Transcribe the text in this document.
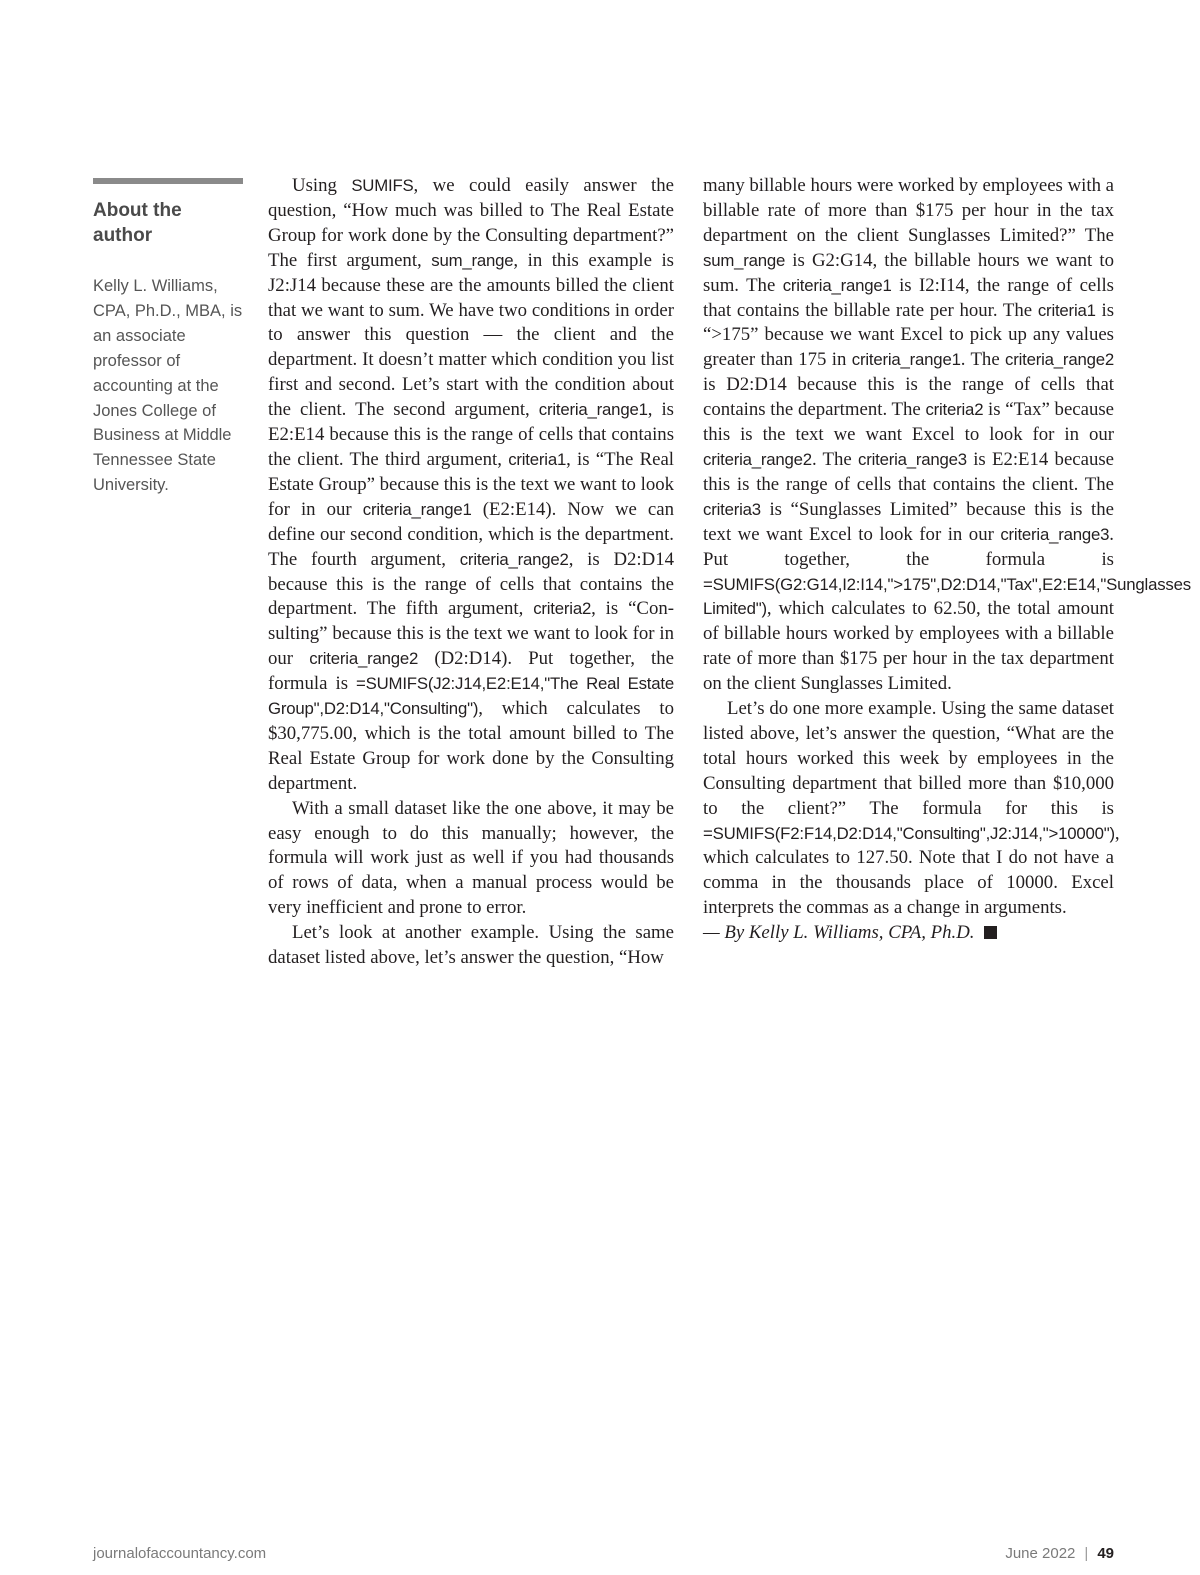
About the author

Kelly L. Williams, CPA, Ph.D., MBA, is an associate professor of accounting at the Jones College of Business at Middle Tennessee State University.

Using SUMIFS, we could easily answer the question, “How much was billed to The Real Estate Group for work done by the Consulting department?” The first argument, sum_range, in this example is J2:J14 because these are the amounts billed the client that we want to sum. We have two conditions in order to answer this question — the client and the department. It doesn’t matter which condition you list first and second. Let’s start with the condition about the client. The second argument, criteria_range1, is E2:E14 because this is the range of cells that contains the client. The third argument, criteria1, is “The Real Estate Group” because this is the text we want to look for in our criteria_range1 (E2:E14). Now we can define our second condition, which is the department. The fourth argument, criteria_range2, is D2:D14 because this is the range of cells that contains the department. The fifth argument, criteria2, is “Consulting” because this is the text we want to look for in our criteria_range2 (D2:D14). Put together, the formula is =SUMIFS(J2:J14,E2:E14,"The Real Estate Group",D2:D14,"Consulting"), which calculates to $30,775.00, which is the total amount billed to The Real Estate Group for work done by the Consulting department.

With a small dataset like the one above, it may be easy enough to do this manually; however, the formula will work just as well if you had thousands of rows of data, when a manual process would be very inefficient and prone to error.

Let’s look at another example. Using the same dataset listed above, let’s answer the question, “How

many billable hours were worked by employees with a billable rate of more than $175 per hour in the tax department on the client Sunglasses Limited?” The sum_range is G2:G14, the billable hours we want to sum. The criteria_range1 is I2:I14, the range of cells that contains the billable rate per hour. The criteria1 is “>175” because we want Excel to pick up any values greater than 175 in criteria_range1. The criteria_range2 is D2:D14 because this is the range of cells that contains the department. The criteria2 is “Tax” because this is the text we want Excel to look for in our criteria_range2. The criteria_range3 is E2:E14 because this is the range of cells that contains the client. The criteria3 is “Sunglasses Limited” because this is the text we want Excel to look for in our criteria_range3. Put together, the formula is =SUMIFS(G2:G14,I2:I14,">175",D2:D14,"Tax",E2:E14,"Sunglasses Limited"), which calculates to 62.50, the total amount of billable hours worked by employees with a billable rate of more than $175 per hour in the tax department on the client Sunglasses Limited.

Let’s do one more example. Using the same dataset listed above, let’s answer the question, “What are the total hours worked this week by employees in the Consulting department that billed more than $10,000 to the client?” The formula for this is =SUMIFS(F2:F14,D2:D14,"Consulting",J2:J14,">10000"), which calculates to 127.50. Note that I do not have a comma in the thousands place of 10000. Excel interprets the commas as a change in arguments.

— By Kelly L. Williams, CPA, Ph.D.

journalofaccountancy.com	June 2022 | 49
